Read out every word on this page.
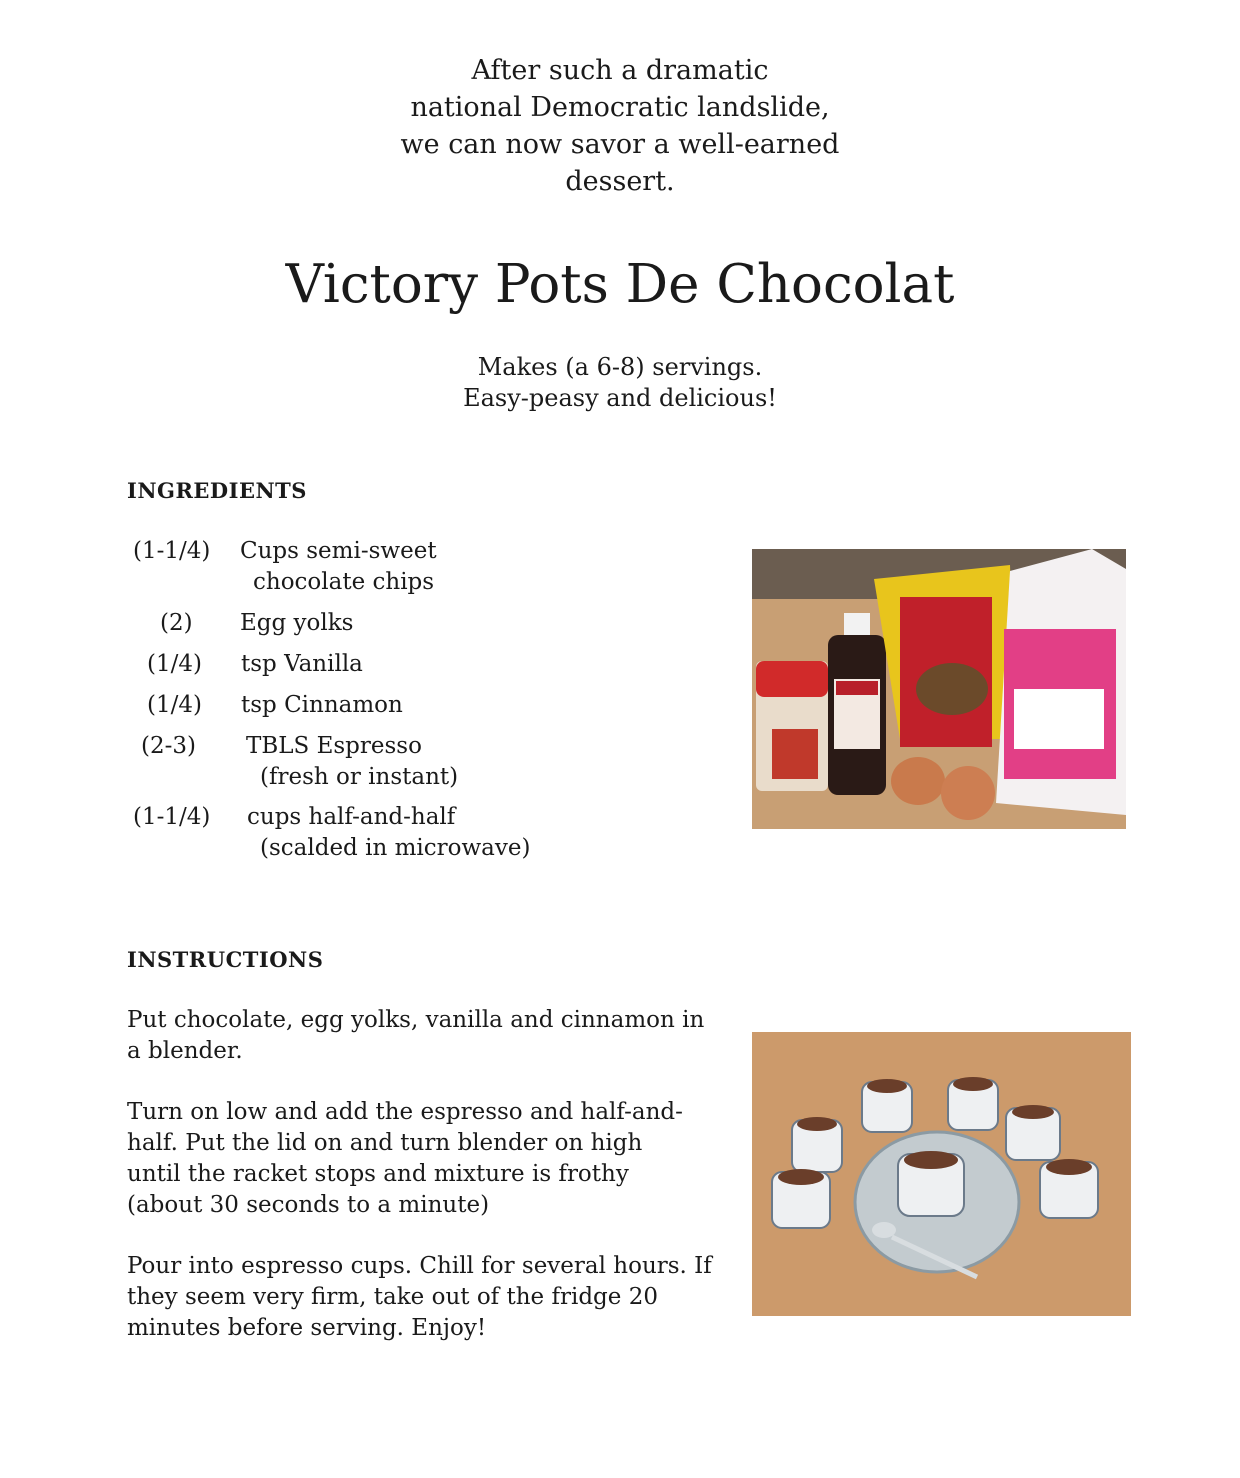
After such a dramatic
national Democratic landslide,
we can now savor a well-earned
dessert.
Victory Pots De Chocolat
Makes (a 6-8) servings.
Easy-peasy and delicious!
INGREDIENTS
(1-1/4) Cups semi-sweet
chocolate chips
(2) Egg yolks
(1/4) tsp Vanilla
(1/4) tsp Cinnamon
(2-3) TBLS Espresso
(fresh or instant)
(1-1/4) cups half-and-half
(scalded in microwave)
INSTRUCTIONS

Put chocolate, egg yolks, vanilla and cinnamon in a blender.

Turn on low and add the espresso and half-and-half. Put the lid on and turn blender on high until the racket stops and mixture is frothy (about 30 seconds to a minute)

Pour into espresso cups. Chill for several hours. If they seem very firm, take out of the fridge 20 minutes before serving. Enjoy!
